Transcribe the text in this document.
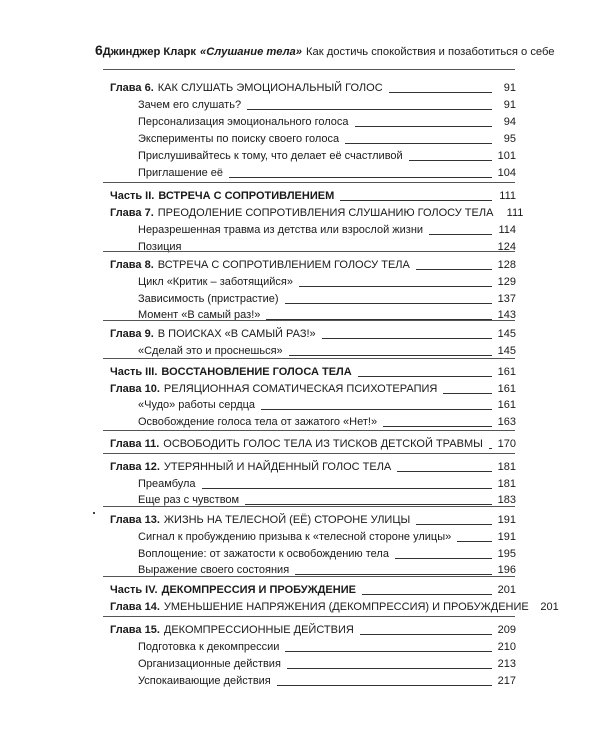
6 Джинджер Кларк «Слушание тела» Как достичь спокойствия и позаботиться о себе
Глава 6. КАК СЛУШАТЬ ЭМОЦИОНАЛЬНЫЙ ГОЛОС	91
Зачем его слушать?	91
Персонализация эмоционального голоса	94
Эксперименты по поиску своего голоса	95
Прислушивайтесь к тому, что делает её счастливой	101
Приглашение её	104
Часть II. ВСТРЕЧА С СОПРОТИВЛЕНИЕМ	111
Глава 7. ПРЕОДОЛЕНИЕ СОПРОТИВЛЕНИЯ СЛУШАНИЮ ГОЛОСУ ТЕЛА 111
Неразрешенная травма из детства или взрослой жизни	114
Позиция	124
Глава 8. ВСТРЕЧА С СОПРОТИВЛЕНИЕМ ГОЛОСУ ТЕЛА	128
Цикл «Критик – заботящийся»	129
Зависимость (пристрастие)	137
Момент «В самый раз!»	143
Глава 9. В ПОИСКАХ «В САМЫЙ РАЗ!»	145
«Сделай это и проснешься»	145
Часть III. ВОССТАНОВЛЕНИЕ ГОЛОСА ТЕЛА	161
Глава 10. РЕЛЯЦИОННАЯ СОМАТИЧЕСКАЯ ПСИХОТЕРАПИЯ	161
«Чудо» работы сердца	161
Освобождение голоса тела от зажатого «Нет!»	163
Глава 11. ОСВОБОДИТЬ ГОЛОС ТЕЛА ИЗ ТИСКОВ ДЕТСКОЙ ТРАВМЫ 170
Глава 12. УТЕРЯННЫЙ И НАЙДЕННЫЙ ГОЛОС ТЕЛА	181
Преамбула	181
Еще раз с чувством	183
Глава 13. ЖИЗНЬ НА ТЕЛЕСНОЙ (ЕЁ) СТОРОНЕ УЛИЦЫ	191
Сигнал к пробуждению призыва к «телесной стороне улицы»	191
Воплощение: от зажатости к освобождению тела	195
Выражение своего состояния	196
Часть IV. ДЕКОМПРЕССИЯ И ПРОБУЖДЕНИЕ	201
Глава 14. УМЕНЬШЕНИЕ НАПРЯЖЕНИЯ (ДЕКОМПРЕССИЯ) И ПРОБУЖДЕНИЕ 201
Глава 15. ДЕКОМПРЕССИОННЫЕ ДЕЙСТВИЯ	209
Подготовка к декомпрессии	210
Организационные действия	213
Успокаивающие действия	217
